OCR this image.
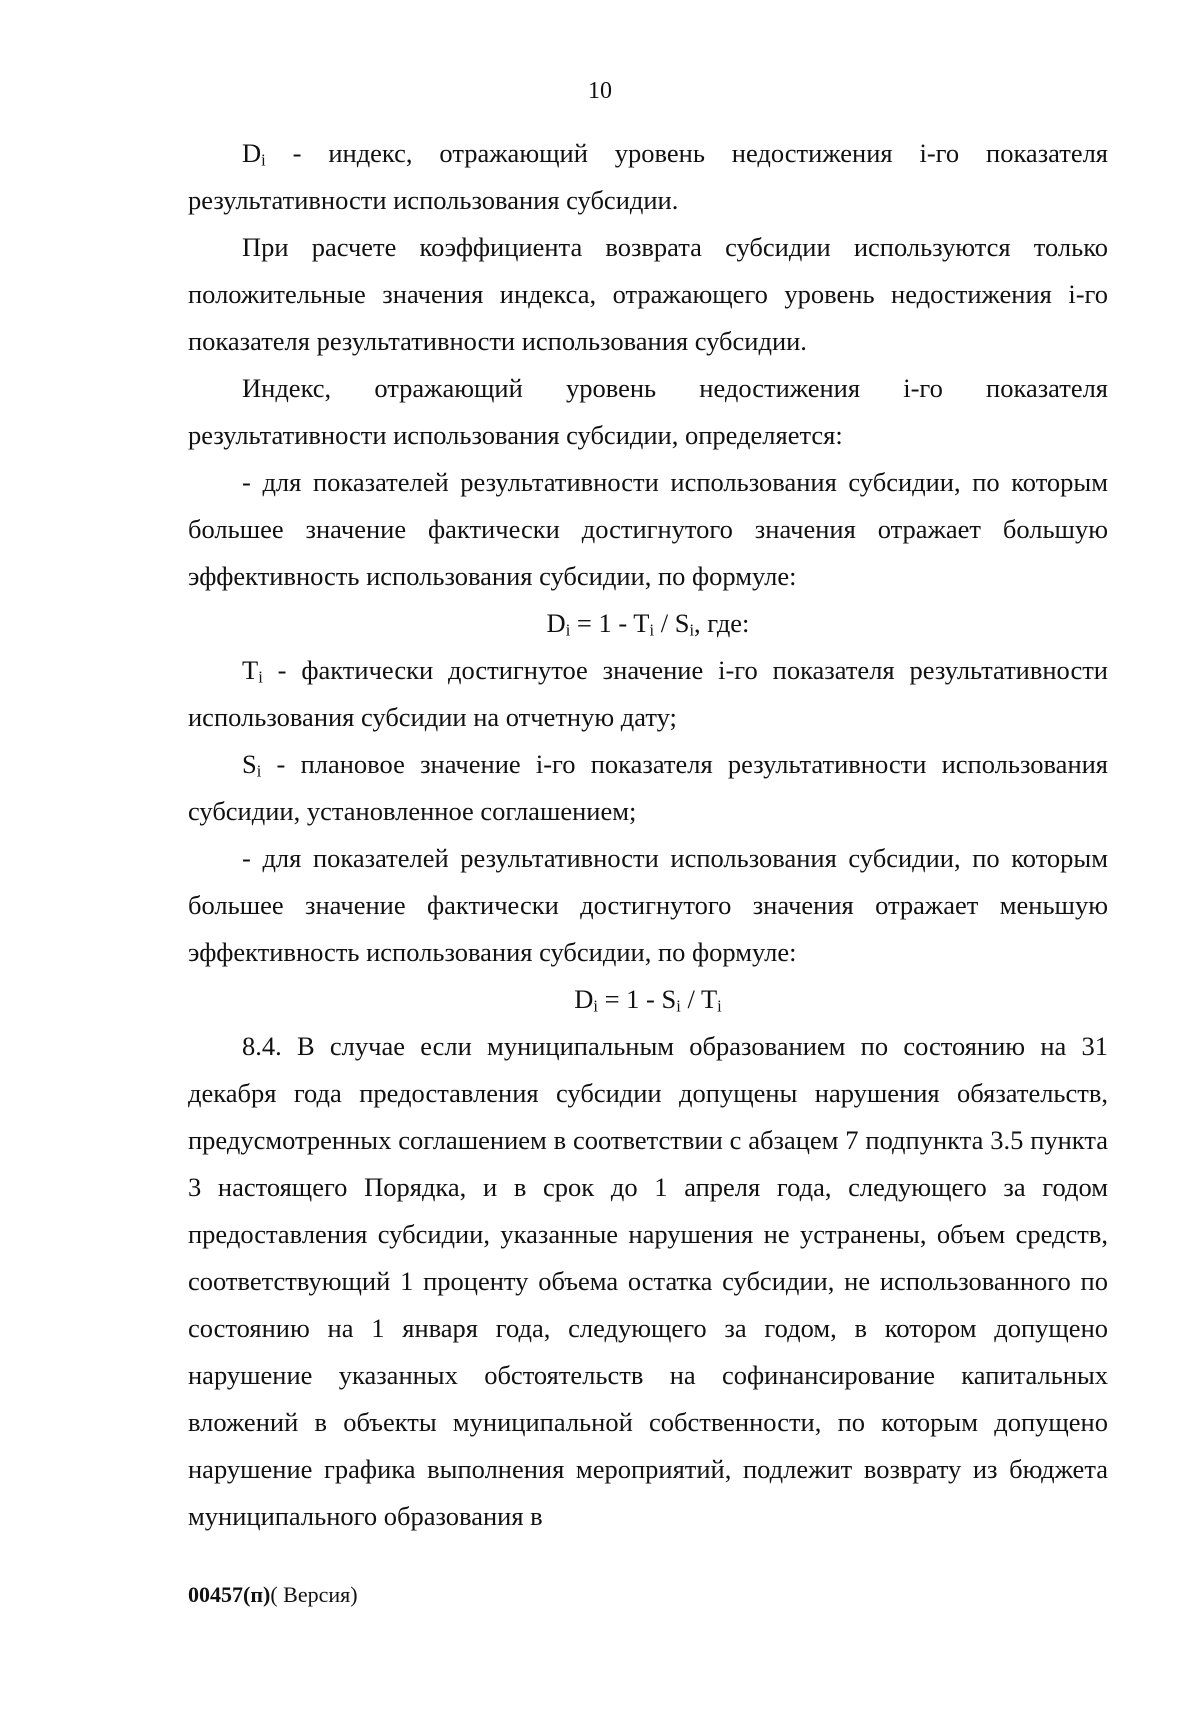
10

$D_i$ - индекс, отражающий уровень недостижения i-го показателя результативности использования субсидии.

При расчете коэффициента возврата субсидии используются только положительные значения индекса, отражающего уровень недостижения i-го показателя результативности использования субсидии.

Индекс, отражающий уровень недостижения i-го показателя результативности использования субсидии, определяется:

- для показателей результативности использования субсидии, по которым большее значение фактически достигнутого значения отражает большую эффективность использования субсидии, по формуле:

$D_i = 1 - T_i / S_i$, где:

$T_i$ - фактически достигнутое значение i-го показателя результативности использования субсидии на отчетную дату;

$S_i$ - плановое значение i-го показателя результативности использования субсидии, установленное соглашением;

- для показателей результативности использования субсидии, по которым большее значение фактически достигнутого значения отражает меньшую эффективность использования субсидии, по формуле:

$D_i = 1 - S_i / T_i$

8.4. В случае если муниципальным образованием по состоянию на 31 декабря года предоставления субсидии допущены нарушения обязательств, предусмотренных соглашением в соответствии с абзацем 7 подпункта 3.5 пункта 3 настоящего Порядка, и в срок до 1 апреля года, следующего за годом предоставления субсидии, указанные нарушения не устранены, объем средств, соответствующий 1 проценту объема остатка субсидии, не использованного по состоянию на 1 января года, следующего за годом, в котором допущено нарушение указанных обстоятельств на софинансирование капитальных вложений в объекты муниципальной собственности, по которым допущено нарушение графика выполнения мероприятий, подлежит возврату из бюджета муниципального образования в

00457(п)( Версия)
